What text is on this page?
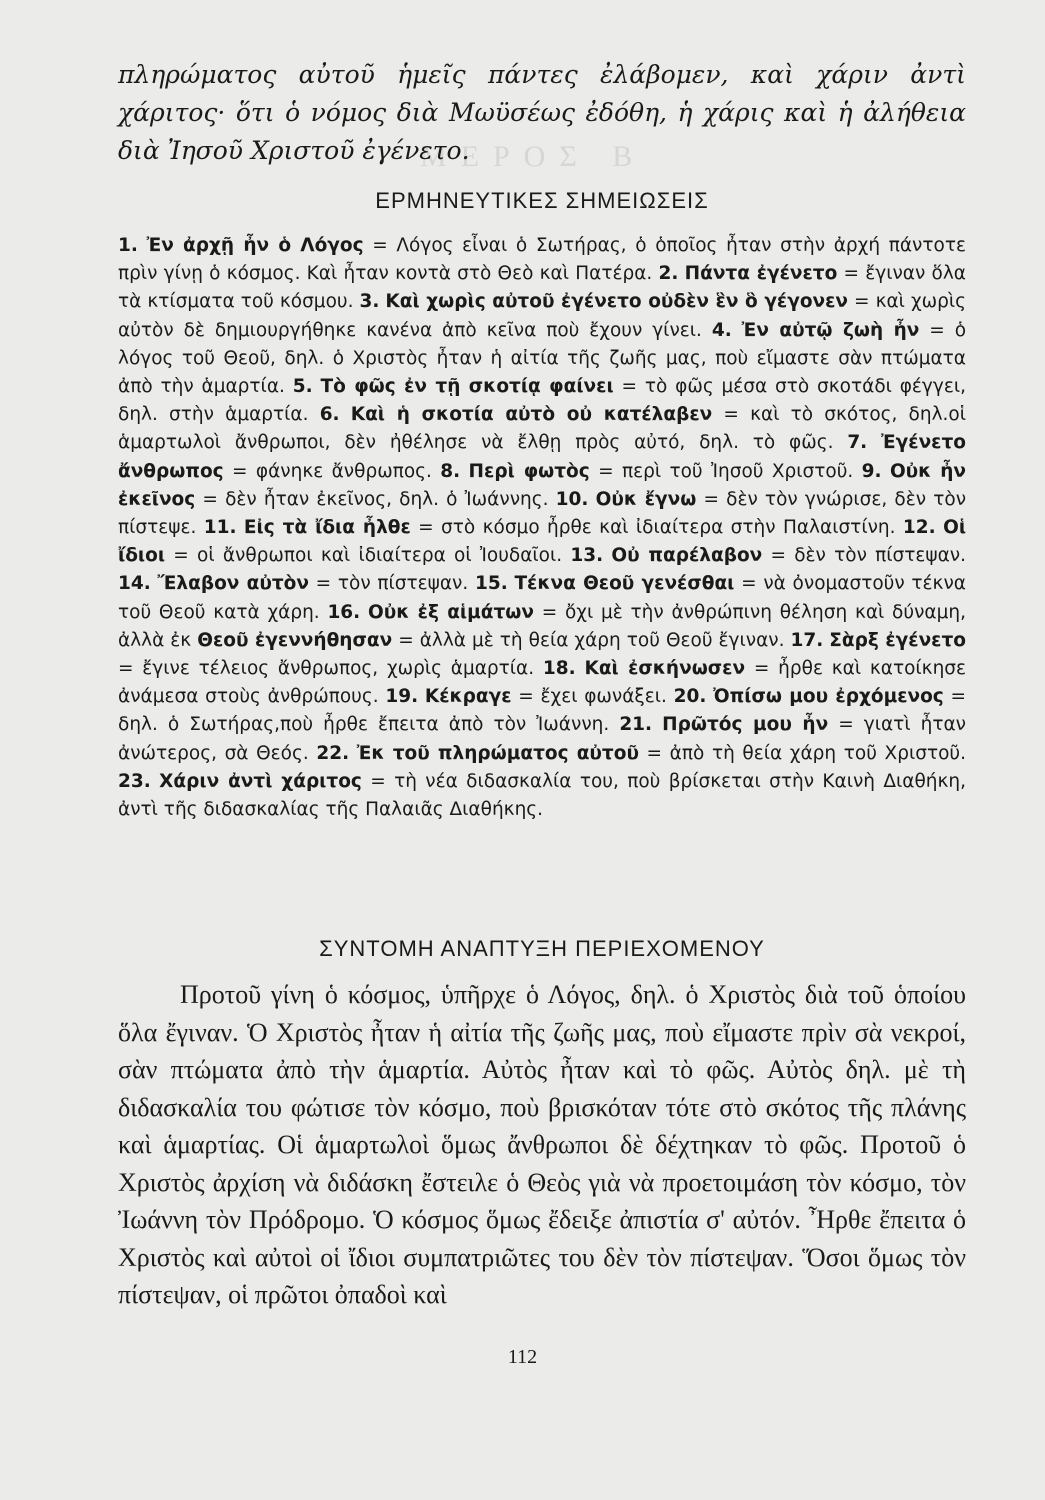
ΜΕΡΟΣ Β
πληρώματος αὐτοῦ ἡμεῖς πάντες ἐλάβομεν, καὶ χάριν ἀντὶ χάριτος· ὅτι ὁ νόμος διὰ Μωϋσέως ἐδόθη, ἡ χάρις καὶ ἡ ἀλήθεια διὰ Ἰησοῦ Χριστοῦ ἐγένετο.
ΕΡΜΗΝΕΥΤΙΚΕΣ ΣΗΜΕΙΩΣΕΙΣ
1. Ἐν ἀρχῇ ἦν ὁ Λόγος = Λόγος εἶναι ὁ Σωτήρας, ὁ ὁποῖος ἦταν στὴν ἀρχή πάντοτε πρὶν γίνῃ ὁ κόσμος. Καὶ ἦταν κοντὰ στὸ Θεὸ καὶ Πατέρα. 2. Πάντα ἐγένετο = ἔγιναν ὅλα τὰ κτίσματα τοῦ κόσμου. 3. Καὶ χωρὶς αὐτοῦ ἐγένετο οὐδὲν ἓν ὃ γέγονεν = καὶ χωρὶς αὐτὸν δὲ δημιουργήθηκε κανένα ἀπὸ κεῖνα ποὺ ἔχουν γίνει. 4. Ἐν αὐτῷ ζωὴ ἦν = ὁ λόγος τοῦ Θεοῦ, δηλ. ὁ Χριστὸς ἦταν ἡ αἰτία τῆς ζωῆς μας, ποὺ εἴμαστε σὰν πτώματα ἀπὸ τὴν ἁμαρτία. 5. Τὸ φῶς ἐν τῇ σκοτίᾳ φαίνει = τὸ φῶς μέσα στὸ σκοτάδι φέγγει, δηλ. στὴν ἁμαρτία. 6. Καὶ ἡ σκοτία αὐτὸ οὐ κατέλαβεν = καὶ τὸ σκότος, δηλ.οἱ ἁμαρτωλοὶ ἄνθρωποι, δὲν ἠθέλησε νὰ ἔλθῃ πρὸς αὐτό, δηλ. τὸ φῶς. 7. Ἐγένετο ἄνθρωπος = φάνηκε ἄνθρωπος. 8. Περὶ φωτὸς = περὶ τοῦ Ἰησοῦ Χριστοῦ. 9. Οὐκ ἦν ἐκεῖνος = δὲν ἦταν ἐκεῖνος, δηλ. ὁ Ἰωάννης. 10. Οὐκ ἔγνω = δὲν τὸν γνώρισε, δὲν τὸν πίστεψε. 11. Εἰς τὰ ἴδια ἦλθε = στὸ κόσμο ἦρθε καὶ ἰδιαίτερα στὴν Παλαιστίνη. 12. Οἱ ἴδιοι = οἱ ἄνθρωποι καὶ ἰδιαίτερα οἱ Ἰουδαῖοι. 13. Οὐ παρέλαβον = δὲν τὸν πίστεψαν. 14. Ἔλαβον αὐτὸν = τὸν πίστεψαν. 15. Τέκνα Θεοῦ γενέσθαι = νὰ ὀνομαστοῦν τέκνα τοῦ Θεοῦ κατὰ χάρη. 16. Οὐκ ἐξ αἱμάτων = ὄχι μὲ τὴν ἀνθρώπινη θέληση καὶ δύναμη, ἀλλὰ ἐκ Θεοῦ ἐγεννήθησαν = ἀλλὰ μὲ τὴ θεία χάρη τοῦ Θεοῦ ἔγιναν. 17. Σὰρξ ἐγένετο = ἔγινε τέλειος ἄνθρωπος, χωρὶς ἁμαρτία. 18. Καὶ ἐσκήνωσεν = ἦρθε καὶ κατοίκησε ἀνάμεσα στοὺς ἀνθρώπους. 19. Κέκραγε = ἔχει φωνάξει. 20. Ὀπίσω μου ἐρχόμενος = δηλ. ὁ Σωτήρας,ποὺ ἦρθε ἔπειτα ἀπὸ τὸν Ἰωάννη. 21. Πρῶτός μου ἦν = γιατὶ ἦταν ἀνώτερος, σὰ Θεός. 22. Ἐκ τοῦ πληρώματος αὐτοῦ = ἀπὸ τὴ θεία χάρη τοῦ Χριστοῦ. 23. Χάριν ἀντὶ χάριτος = τὴ νέα διδασκαλία του, ποὺ βρίσκεται στὴν Καινὴ Διαθήκη, ἀντὶ τῆς διδασκαλίας τῆς Παλαιᾶς Διαθήκης.
ΣΥΝΤΟΜΗ ΑΝΑΠΤΥΞΗ ΠΕΡΙΕΧΟΜΕΝΟΥ
Προτοῦ γίνη ὁ κόσμος, ὑπῆρχε ὁ Λόγος, δηλ. ὁ Χριστὸς διὰ τοῦ ὁποίου ὅλα ἔγιναν. Ὁ Χριστὸς ἦταν ἡ αἰτία τῆς ζωῆς μας, ποὺ εἴμαστε πρὶν σὰ νεκροί, σὰν πτώματα ἀπὸ τὴν ἁμαρτία. Αὐτὸς ἦταν καὶ τὸ φῶς. Αὐτὸς δηλ. μὲ τὴ διδασκαλία του φώτισε τὸν κόσμο, ποὺ βρισκόταν τότε στὸ σκότος τῆς πλάνης καὶ ἁμαρτίας. Οἱ ἁμαρτωλοὶ ὅμως ἄνθρωποι δὲ δέχτηκαν τὸ φῶς. Προτοῦ ὁ Χριστὸς ἀρχίση νὰ διδάσκη ἔστειλε ὁ Θεὸς γιὰ νὰ προετοιμάση τὸν κόσμο, τὸν Ἰωάννη τὸν Πρόδρομο. Ὁ κόσμος ὅμως ἔδειξε ἀπιστία σ' αὐτόν. Ἦρθε ἔπειτα ὁ Χριστὸς καὶ αὐτοὶ οἱ ἴδιοι συμπατριῶτες του δὲν τὸν πίστεψαν. Ὅσοι ὅμως τὸν πίστεψαν, οἱ πρῶτοι ὀπαδοὶ καὶ
112
